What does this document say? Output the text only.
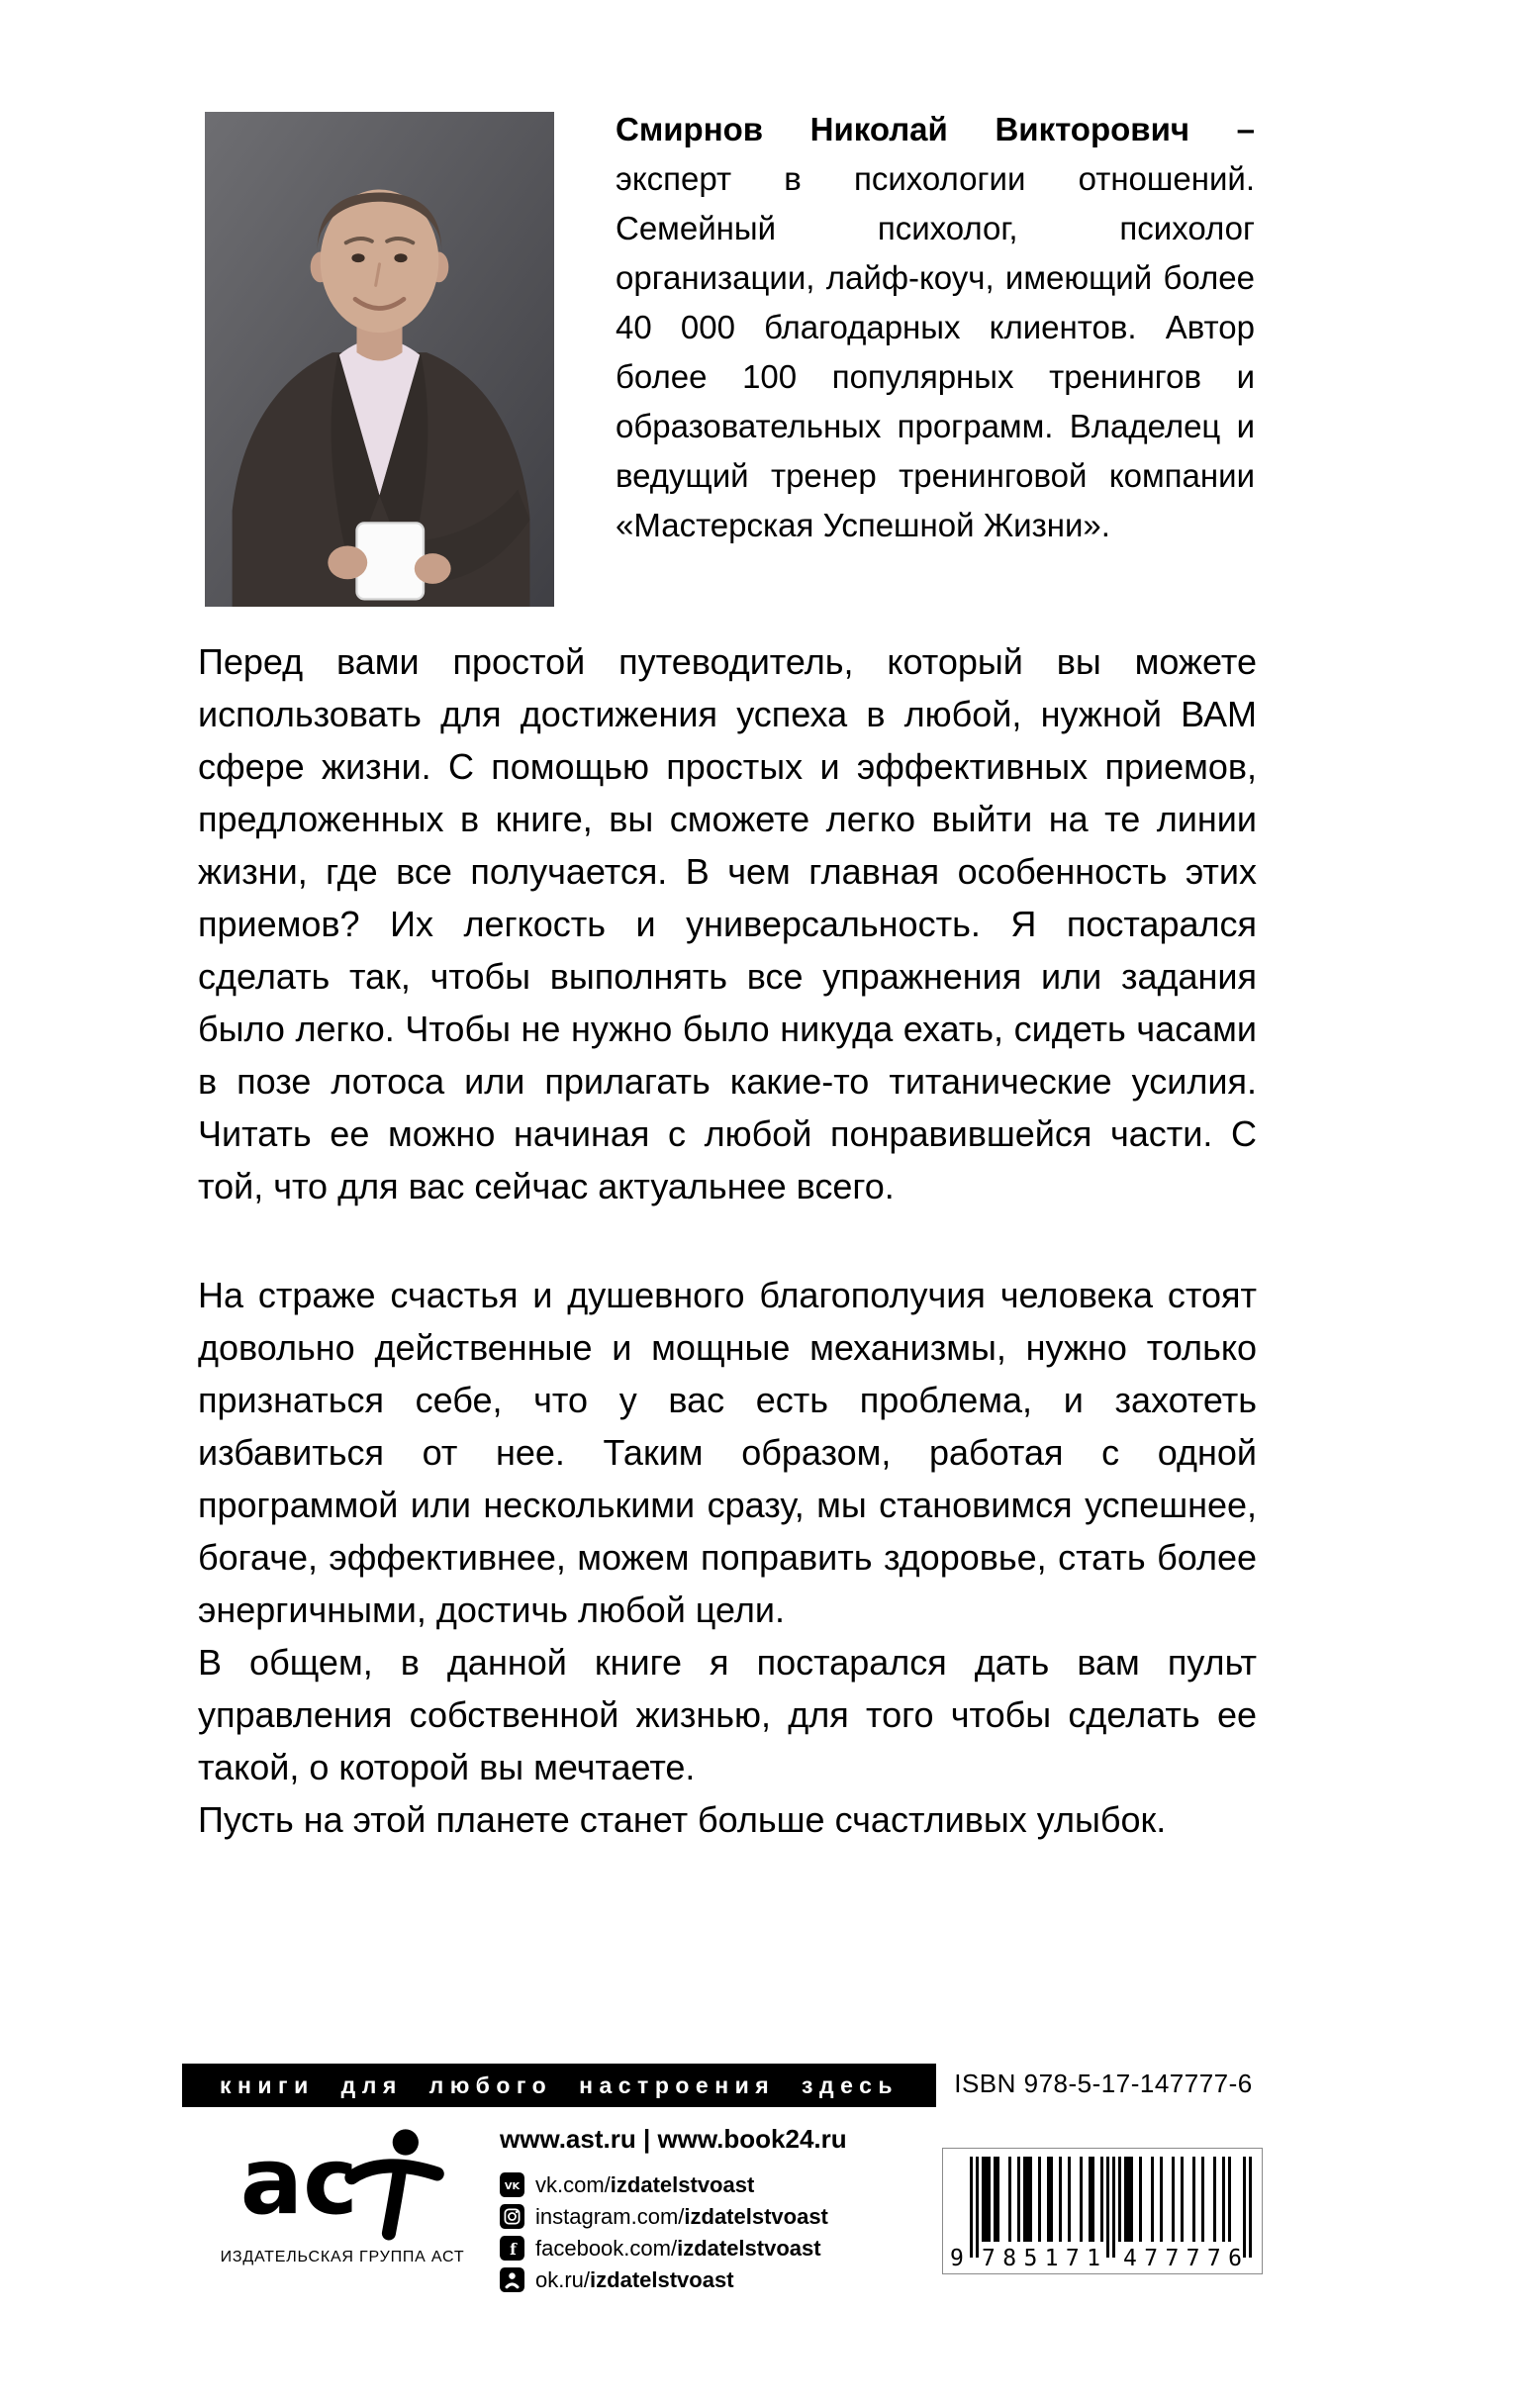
Смирнов Николай Викторович – эксперт в психологии отношений. Семейный психолог, психолог организации, лайф-коуч, имеющий более 40 000 благодарных клиентов. Автор более 100 популярных тренингов и образовательных программ. Владелец и ведущий тренер тренинговой компании «Мастерская Успешной Жизни».

Перед вами простой путеводитель, который вы можете использовать для достижения успеха в любой, нужной ВАМ сфере жизни. С помощью простых и эффективных приемов, предложенных в книге, вы сможете легко выйти на те линии жизни, где все получается. В чем главная особенность этих приемов? Их легкость и универсальность. Я постарался сделать так, чтобы выполнять все упражнения или задания было легко. Чтобы не нужно было никуда ехать, сидеть часами в позе лотоса или прилагать какие-то титанические усилия. Читать ее можно начиная с любой понравившейся части. С той, что для вас сейчас актуальнее всего.

На страже счастья и душевного благополучия человека стоят довольно действенные и мощные механизмы, нужно только признаться себе, что у вас есть проблема, и захотеть избавиться от нее. Таким образом, работая с одной программой или несколькими сразу, мы становимся успешнее, богаче, эффективнее, можем поправить здоровье, стать более энергичными, достичь любой цели.

В общем, в данной книге я постарался дать вам пульт управления собственной жизнью, для того чтобы сделать ее такой, о которой вы мечтаете.

Пусть на этой планете станет больше счастливых улыбок.

книги для любого настроения здесь	ISBN 978-5-17-147777-6
ас
ИЗДАТЕЛЬСКАЯ ГРУППА АСТ
www.ast.ru | www.book24.ru
VK vk.com/izdatelstvoast
instagram.com/izdatelstvoast
f facebook.com/izdatelstvoast
ok.ru/izdatelstvoast
9 785171 477776
